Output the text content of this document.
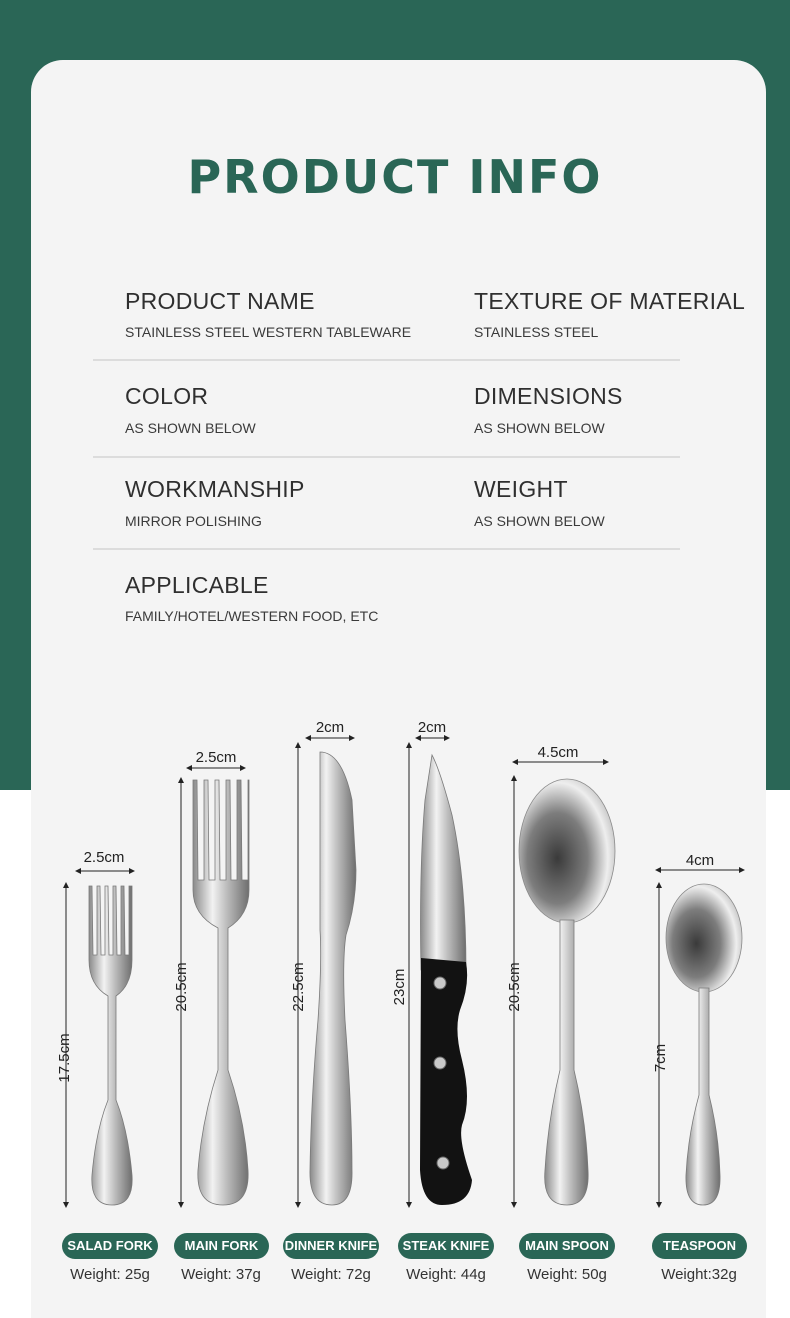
PRODUCT INFO
PRODUCT NAME
STAINLESS STEEL WESTERN TABLEWARE
TEXTURE OF MATERIAL
STAINLESS STEEL
COLOR
AS SHOWN BELOW
DIMENSIONS
AS SHOWN BELOW
WORKMANSHIP
MIRROR POLISHING
WEIGHT
AS SHOWN BELOW
APPLICABLE
FAMILY/HOTEL/WESTERN FOOD, ETC
2.5cm
2.5cm
2cm	2cm
4.5cm
4cm
17.5cm
20.5cm	22.5cm	23cm	20.5cm
7cm
SALAD FORK	MAIN FORK	DINNER KNIFE	STEAK KNIFE	MAIN SPOON	TEASPOON
Weight: 25g	Weight: 37g	Weight: 72g	Weight: 44g	Weight: 50g	Weight:32g
